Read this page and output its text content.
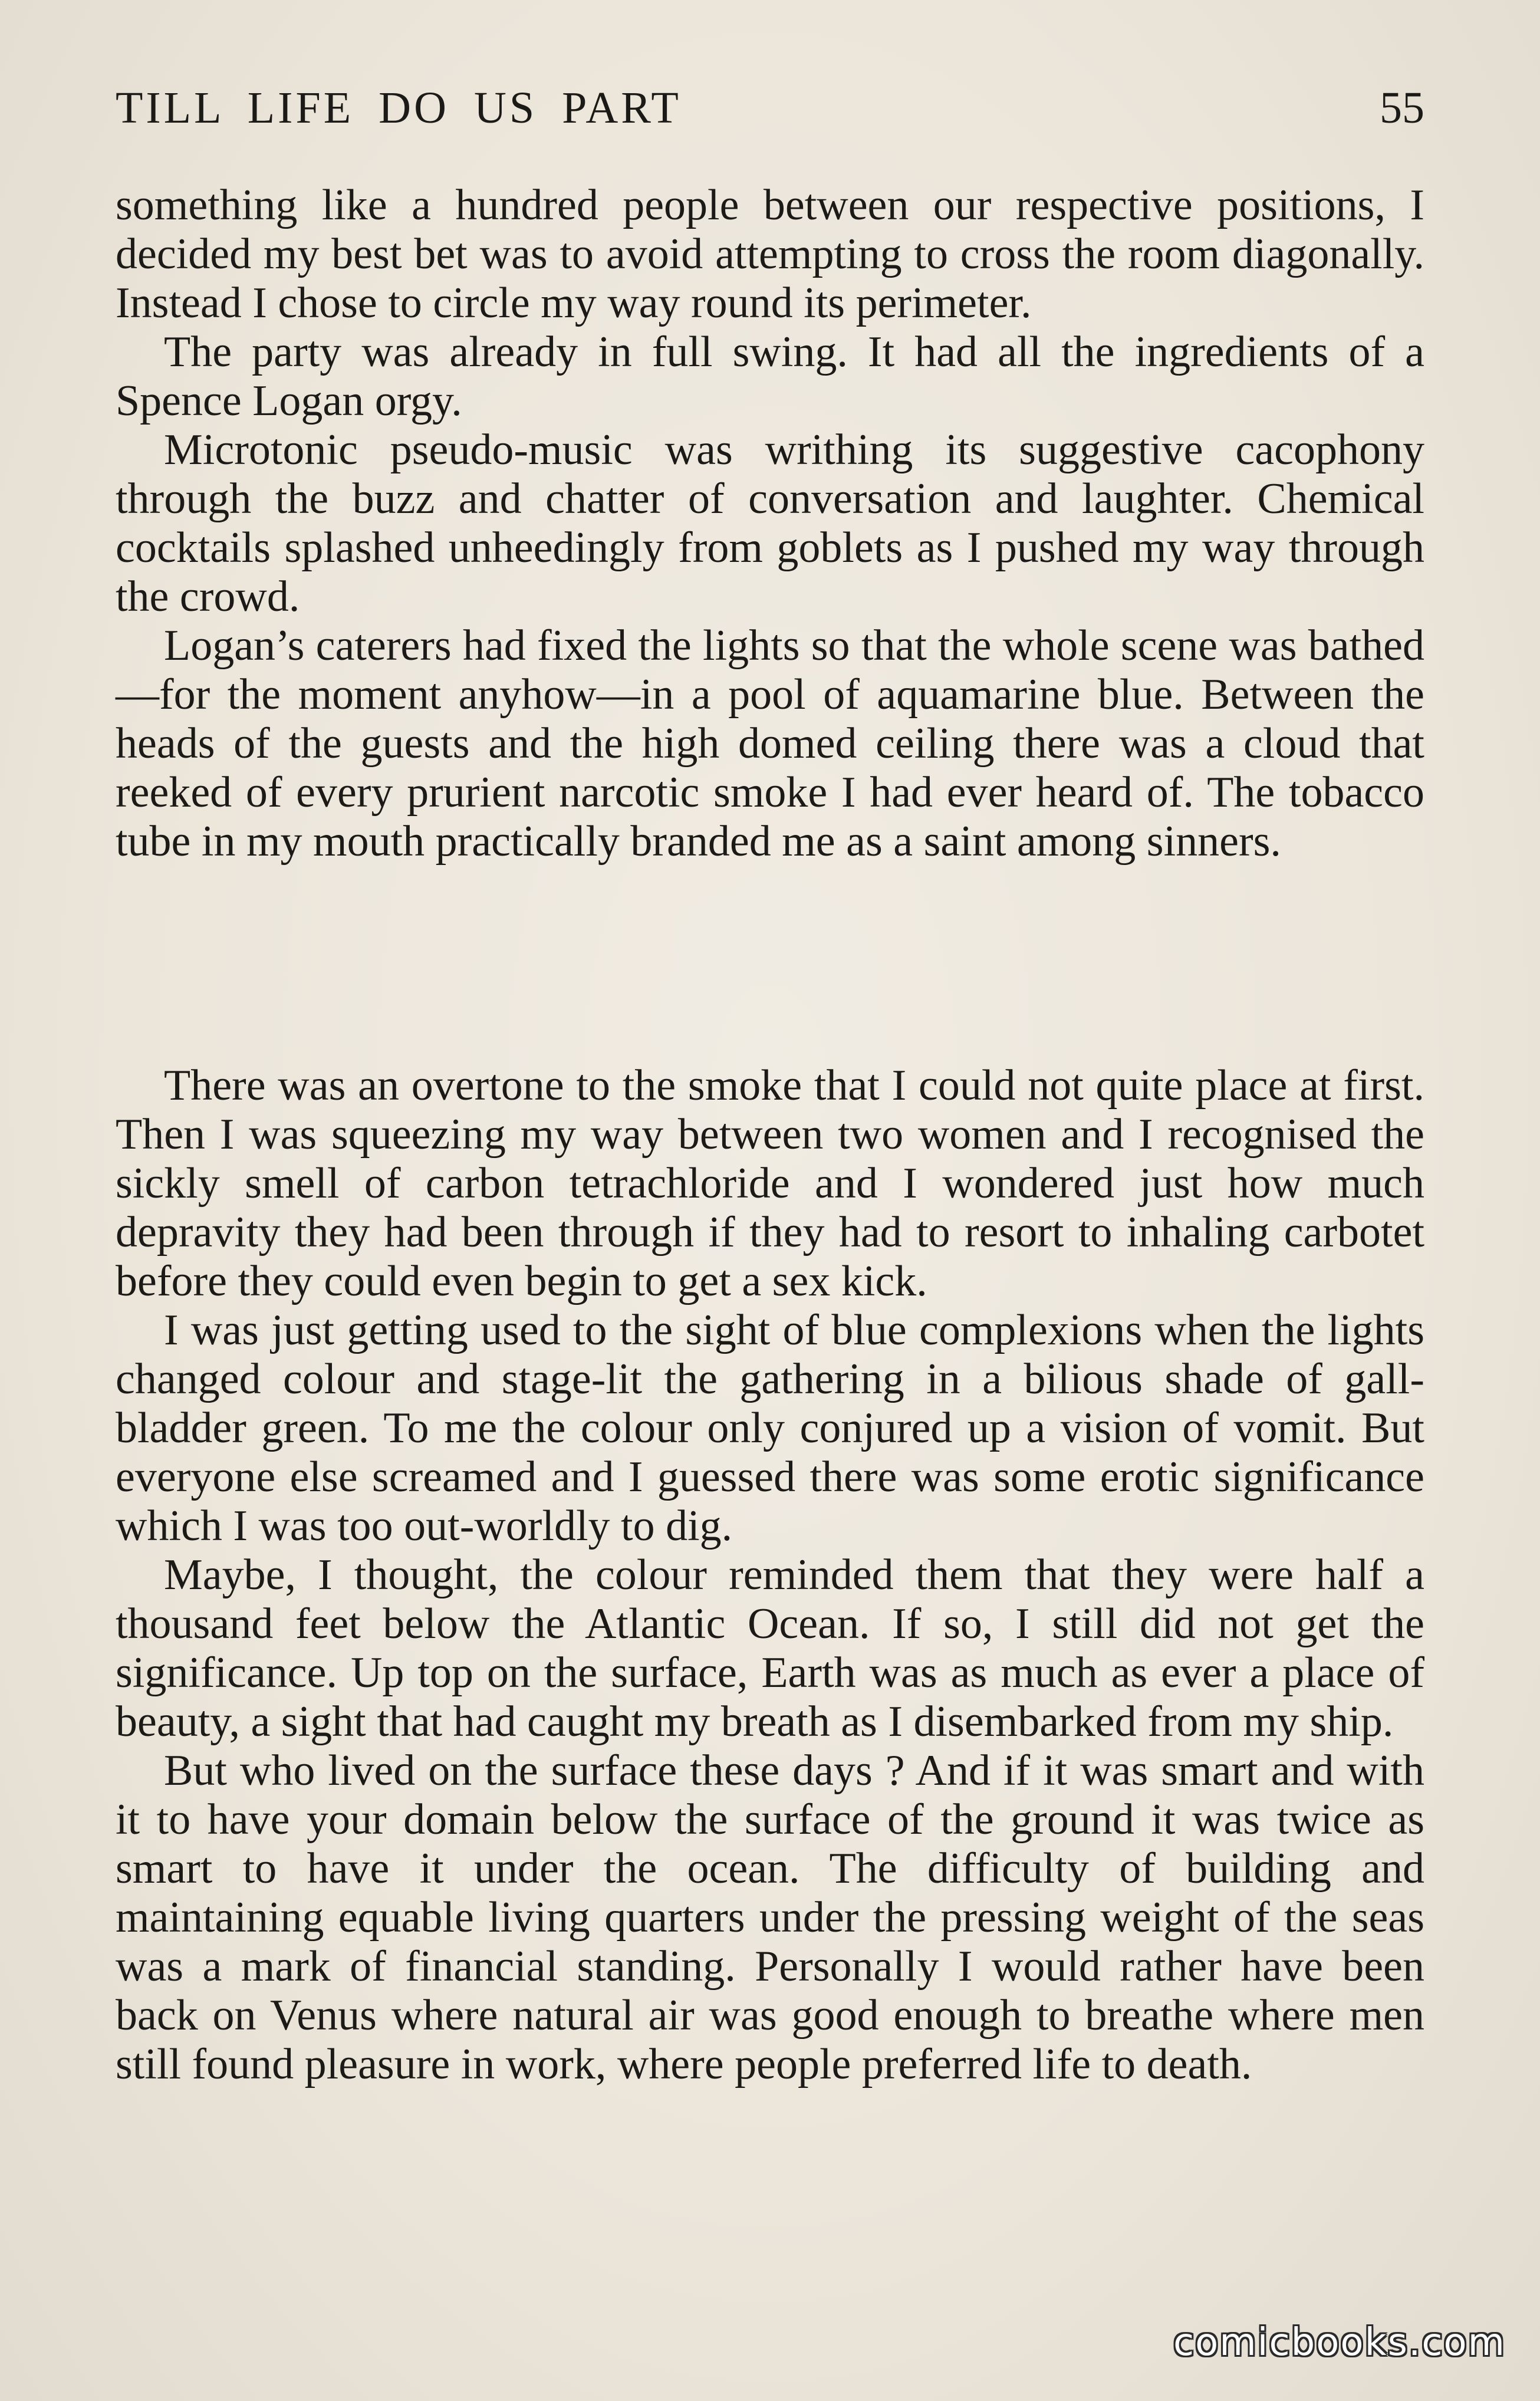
TILL LIFE DO US PART	55

something like a hundred people between our respective positions, I decided my best bet was to avoid attempting to cross the room diagonally. Instead I chose to circle my way round its perimeter.

The party was already in full swing. It had all the ingredients of a Spence Logan orgy.

Microtonic pseudo-music was writhing its suggestive cacophony through the buzz and chatter of conversation and laughter. Chemical cocktails splashed unheedingly from goblets as I pushed my way through the crowd.

Logan’s caterers had fixed the lights so that the whole scene was bathed—for the moment anyhow—in a pool of aquamarine blue. Between the heads of the guests and the high domed ceiling there was a cloud that reeked of every prurient narcotic smoke I had ever heard of. The tobacco tube in my mouth practically branded me as a saint among sinners.

There was an overtone to the smoke that I could not quite place at first. Then I was squeezing my way between two women and I recognised the sickly smell of carbon tetrachloride and I wondered just how much depravity they had been through if they had to resort to inhaling carbotet before they could even begin to get a sex kick.

I was just getting used to the sight of blue complexions when the lights changed colour and stage-lit the gathering in a bilious shade of gall-bladder green. To me the colour only conjured up a vision of vomit. But everyone else screamed and I guessed there was some erotic significance which I was too out-worldly to dig.

Maybe, I thought, the colour reminded them that they were half a thousand feet below the Atlantic Ocean. If so, I still did not get the significance. Up top on the surface, Earth was as much as ever a place of beauty, a sight that had caught my breath as I disembarked from my ship.

But who lived on the surface these days ? And if it was smart and with it to have your domain below the surface of the ground it was twice as smart to have it under the ocean. The difficulty of building and maintaining equable living quarters under the pressing weight of the seas was a mark of financial standing. Personally I would rather have been back on Venus where natural air was good enough to breathe where men still found pleasure in work, where people preferred life to death.

comicbooks.com
